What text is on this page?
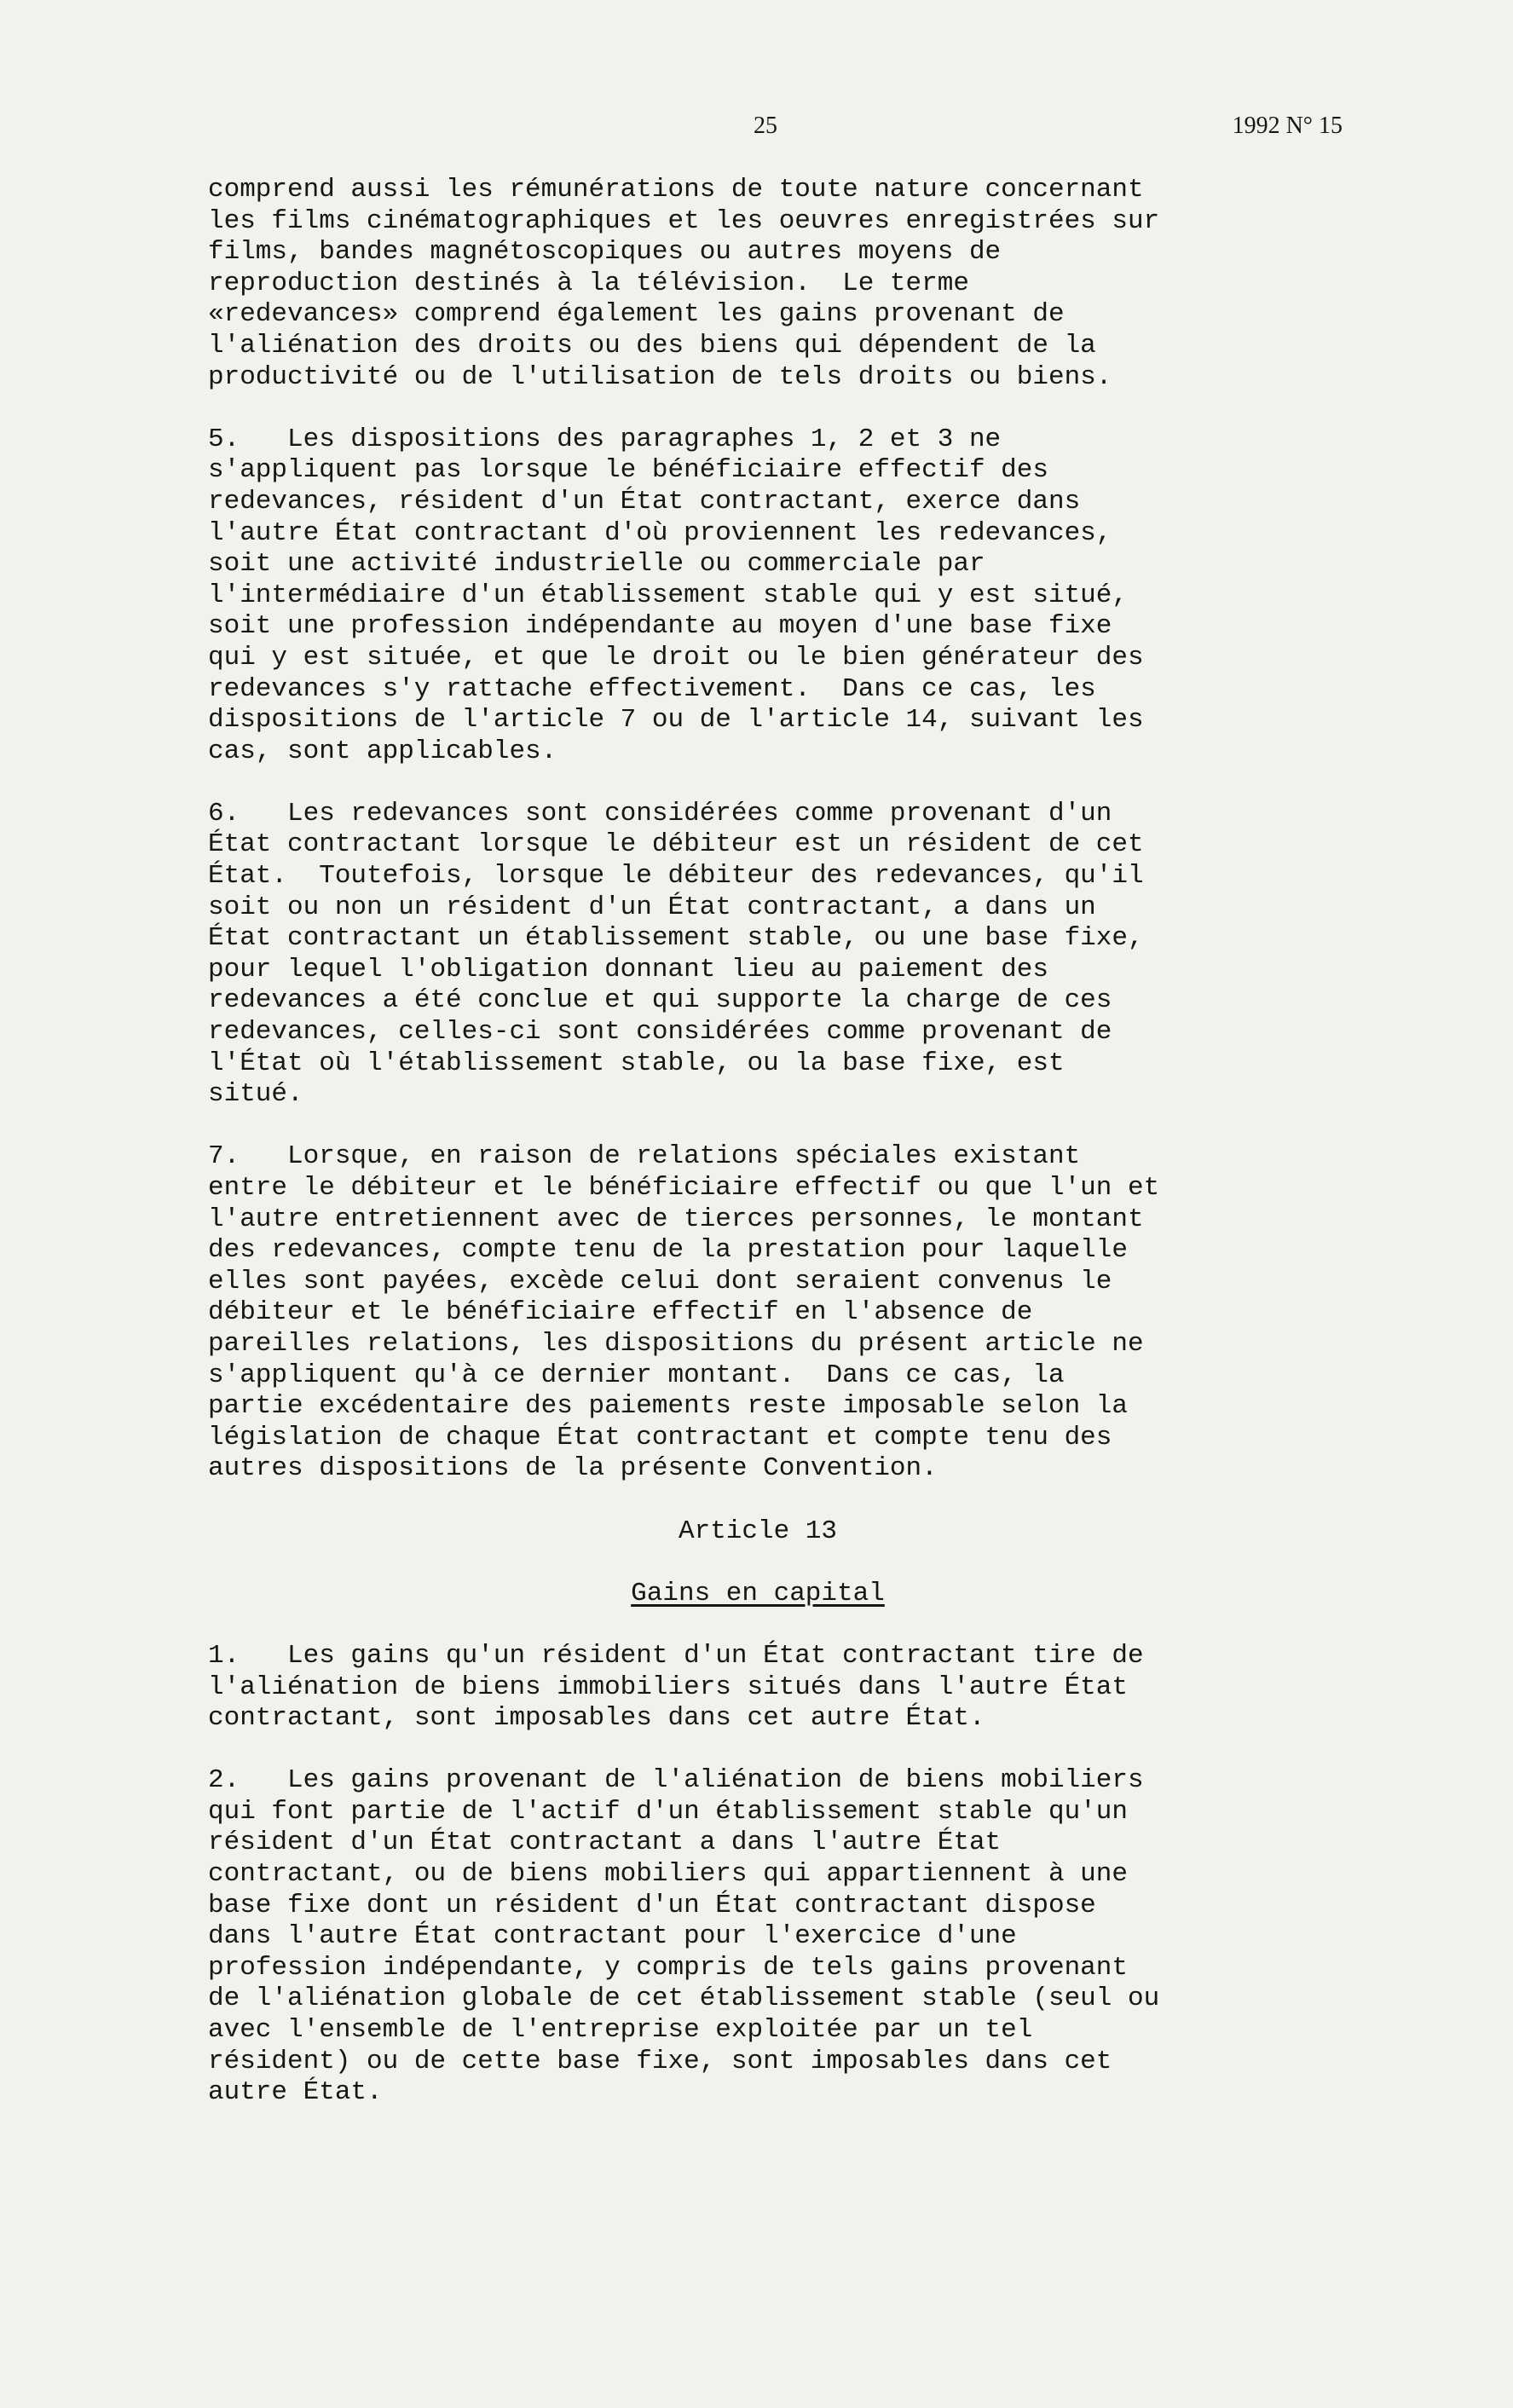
25	1992 N° 15

comprend aussi les rémunérations de toute nature concernant
les films cinématographiques et les oeuvres enregistrées sur
films, bandes magnétoscopiques ou autres moyens de
reproduction destinés à la télévision.  Le terme
«redevances» comprend également les gains provenant de
l'aliénation des droits ou des biens qui dépendent de la
productivité ou de l'utilisation de tels droits ou biens.

5.   Les dispositions des paragraphes 1, 2 et 3 ne
s'appliquent pas lorsque le bénéficiaire effectif des
redevances, résident d'un État contractant, exerce dans
l'autre État contractant d'où proviennent les redevances,
soit une activité industrielle ou commerciale par
l'intermédiaire d'un établissement stable qui y est situé,
soit une profession indépendante au moyen d'une base fixe
qui y est située, et que le droit ou le bien générateur des
redevances s'y rattache effectivement.  Dans ce cas, les
dispositions de l'article 7 ou de l'article 14, suivant les
cas, sont applicables.

6.   Les redevances sont considérées comme provenant d'un
État contractant lorsque le débiteur est un résident de cet
État.  Toutefois, lorsque le débiteur des redevances, qu'il
soit ou non un résident d'un État contractant, a dans un
État contractant un établissement stable, ou une base fixe,
pour lequel l'obligation donnant lieu au paiement des
redevances a été conclue et qui supporte la charge de ces
redevances, celles-ci sont considérées comme provenant de
l'État où l'établissement stable, ou la base fixe, est
situé.

7.   Lorsque, en raison de relations spéciales existant
entre le débiteur et le bénéficiaire effectif ou que l'un et
l'autre entretiennent avec de tierces personnes, le montant
des redevances, compte tenu de la prestation pour laquelle
elles sont payées, excède celui dont seraient convenus le
débiteur et le bénéficiaire effectif en l'absence de
pareilles relations, les dispositions du présent article ne
s'appliquent qu'à ce dernier montant.  Dans ce cas, la
partie excédentaire des paiements reste imposable selon la
législation de chaque État contractant et compte tenu des
autres dispositions de la présente Convention.

Article 13

Gains en capital

1.   Les gains qu'un résident d'un État contractant tire de
l'aliénation de biens immobiliers situés dans l'autre État
contractant, sont imposables dans cet autre État.

2.   Les gains provenant de l'aliénation de biens mobiliers
qui font partie de l'actif d'un établissement stable qu'un
résident d'un État contractant a dans l'autre État
contractant, ou de biens mobiliers qui appartiennent à une
base fixe dont un résident d'un État contractant dispose
dans l'autre État contractant pour l'exercice d'une
profession indépendante, y compris de tels gains provenant
de l'aliénation globale de cet établissement stable (seul ou
avec l'ensemble de l'entreprise exploitée par un tel
résident) ou de cette base fixe, sont imposables dans cet
autre État.
